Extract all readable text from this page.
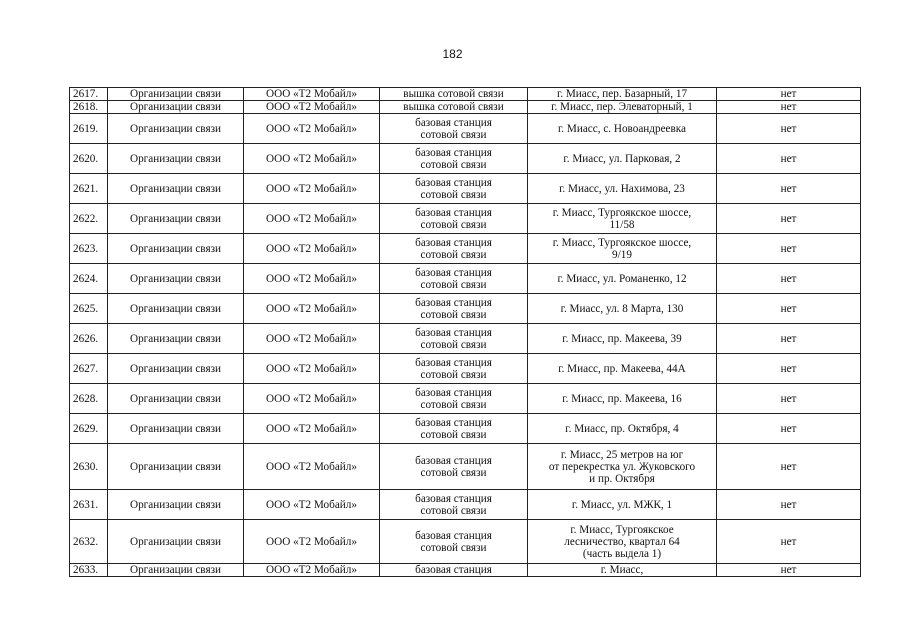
182
2617.	Организации связи	ООО «Т2 Мобайл»	вышка сотовой связи	г. Миасс, пер. Базарный, 17	нет
2618.	Организации связи	ООО «Т2 Мобайл»	вышка сотовой связи	г. Миасс, пер. Элеваторный, 1	нет
2619.	Организации связи	ООО «Т2 Мобайл»	базовая станция
сотовой связи	г. Миасс, с. Новоандреевка	нет
2620.	Организации связи	ООО «Т2 Мобайл»	базовая станция
сотовой связи	г. Миасс, ул. Парковая, 2	нет
2621.	Организации связи	ООО «Т2 Мобайл»	базовая станция
сотовой связи	г. Миасс, ул. Нахимова, 23	нет
2622.	Организации связи	ООО «Т2 Мобайл»	базовая станция
сотовой связи	г. Миасс, Тургоякское шоссе,
11/58	нет
2623.	Организации связи	ООО «Т2 Мобайл»	базовая станция
сотовой связи	г. Миасс, Тургоякское шоссе,
9/19	нет
2624.	Организации связи	ООО «Т2 Мобайл»	базовая станция
сотовой связи	г. Миасс, ул. Романенко, 12	нет
2625.	Организации связи	ООО «Т2 Мобайл»	базовая станция
сотовой связи	г. Миасс, ул. 8 Марта, 130	нет
2626.	Организации связи	ООО «Т2 Мобайл»	базовая станция
сотовой связи	г. Миасс, пр. Макеева, 39	нет
2627.	Организации связи	ООО «Т2 Мобайл»	базовая станция
сотовой связи	г. Миасс, пр. Макеева, 44А	нет
2628.	Организации связи	ООО «Т2 Мобайл»	базовая станция
сотовой связи	г. Миасс, пр. Макеева, 16	нет
2629.	Организации связи	ООО «Т2 Мобайл»	базовая станция
сотовой связи	г. Миасс, пр. Октября, 4	нет
2630.	Организации связи	ООО «Т2 Мобайл»	базовая станция
сотовой связи	г. Миасс, 25 метров на юг
от перекрестка ул. Жуковского
и пр. Октября	нет
2631.	Организации связи	ООО «Т2 Мобайл»	базовая станция
сотовой связи	г. Миасс, ул. МЖК, 1	нет
2632.	Организации связи	ООО «Т2 Мобайл»	базовая станция
сотовой связи	г. Миасс, Тургоякское
лесничество, квартал 64
(часть выдела 1)	нет
2633.	Организации связи	ООО «Т2 Мобайл»	базовая станция	г. Миасс,	нет
